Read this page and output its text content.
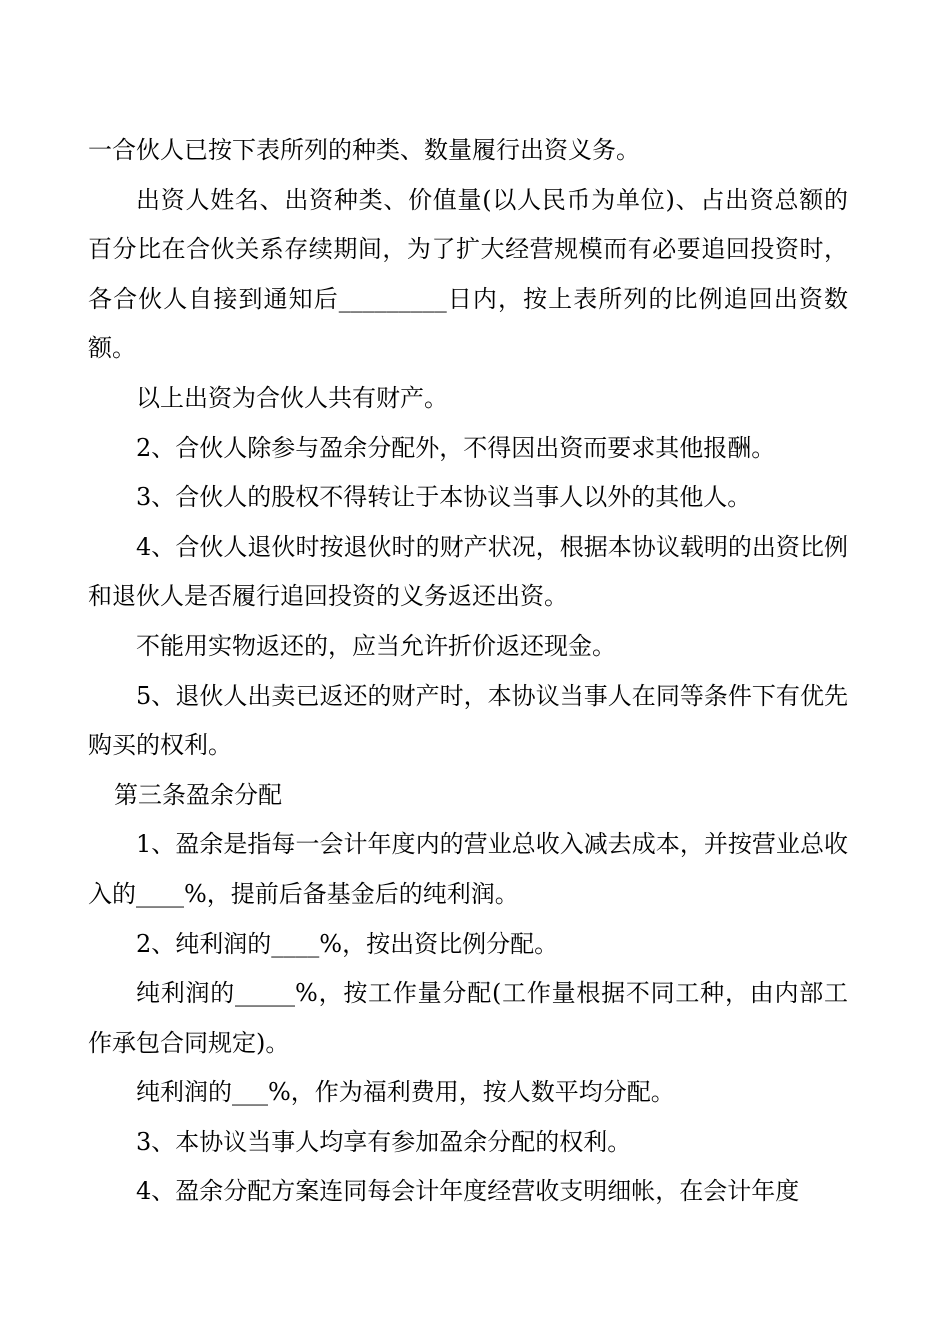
一合伙人已按下表所列的种类、数量履行出资义务。

出资人姓名、出资种类、价值量(以人民币为单位)、占出资总额的百分比在合伙关系存续期间，为了扩大经营规模而有必要追回投资时，各合伙人自接到通知后_________日内，按上表所列的比例追回出资数额。

以上出资为合伙人共有财产。

2、合伙人除参与盈余分配外，不得因出资而要求其他报酬。

3、合伙人的股权不得转让于本协议当事人以外的其他人。

4、合伙人退伙时按退伙时的财产状况，根据本协议载明的出资比例和退伙人是否履行追回投资的义务返还出资。

不能用实物返还的，应当允许折价返还现金。

5、退伙人出卖已返还的财产时，本协议当事人在同等条件下有优先购买的权利。

第三条盈余分配

1、盈余是指每一会计年度内的营业总收入减去成本，并按营业总收入的____%，提前后备基金后的纯利润。

2、纯利润的____%，按出资比例分配。

纯利润的_____%，按工作量分配(工作量根据不同工种，由内部工作承包合同规定)。

纯利润的___%，作为福利费用，按人数平均分配。

3、本协议当事人均享有参加盈余分配的权利。

4、盈余分配方案连同每会计年度经营收支明细帐，在会计年度
